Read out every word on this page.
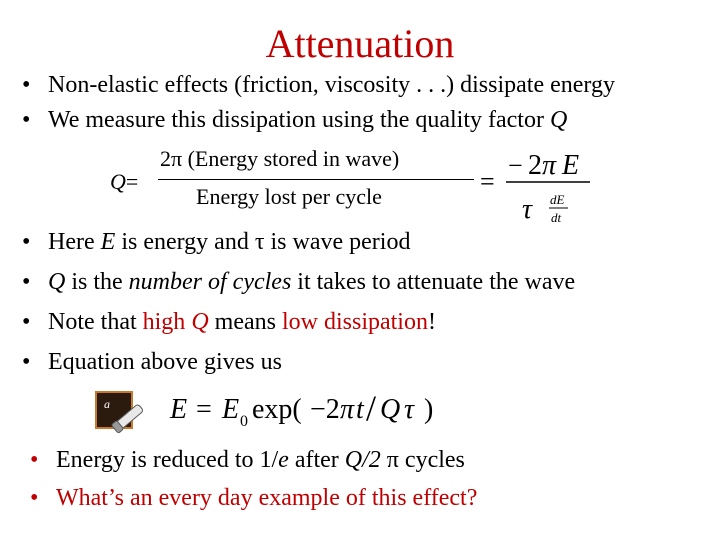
Attenuation
• Non-elastic effects (friction, viscosity . . .) dissipate energy
• We measure this dissipation using the quality factor Q
Q=
2π (Energy stored in wave)
Energy lost per cycle
=
− 2 π E
τ dE
dt
• Here E is energy and τ is wave period
• Q is the number of cycles it takes to attenuate the wave
• Note that high Q means low dissipation!
• Equation above gives us
a E = E 0 exp( −2 π t / Q τ )
• Energy is reduced to 1/e after Q/2 π cycles
• What’s an every day example of this effect?
